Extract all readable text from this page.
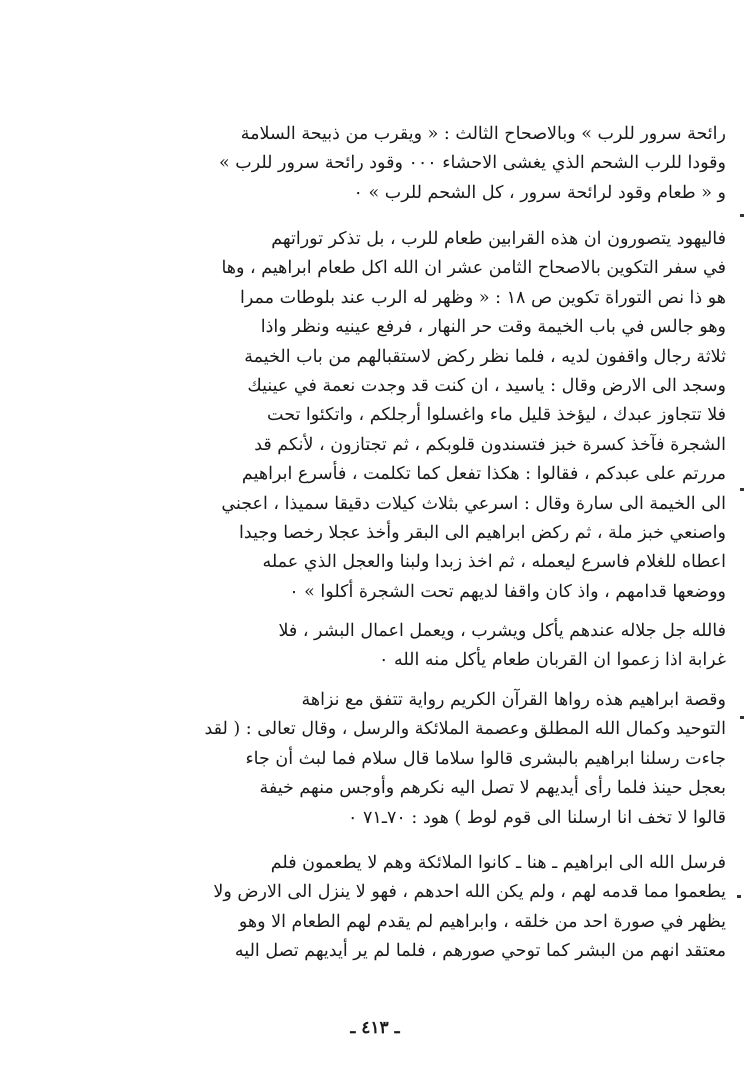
رائحة سرور للرب » وبالاصحاح الثالث : « ويقرب من ذبيحة السلامة
وقودا للرب الشحم الذي يغشى الاحشاء ٠٠٠ وقود رائحة سرور للرب »
و « طعام وقود لرائحة سرور ، كل الشحم للرب » ٠
فاليهود يتصورون ان هذه القرابين طعام للرب ، بل تذكر توراتهم
في سفر التكوين بالاصحاح الثامن عشر ان الله اكل طعام ابراهيم ، وها
هو ذا نص التوراة تكوين ص ١٨ : « وظهر له الرب عند بلوطات ممرا
وهو جالس في باب الخيمة وقت حر النهار ، فرفع عينيه ونظر واذا
ثلاثة رجال واقفون لديه ، فلما نظر ركض لاستقبالهم من باب الخيمة
وسجد الى الارض وقال : ياسيد ، ان كنت قد وجدت نعمة في عينيك
فلا تتجاوز عبدك ، ليؤخذ قليل ماء واغسلوا أرجلكم ، واتكئوا تحت
الشجرة فآخذ كسرة خبز فتسندون قلوبكم ، ثم تجتازون ، لأنكم قد
مررتم على عبدكم ، فقالوا : هكذا تفعل كما تكلمت ، فأسرع ابراهيم
الى الخيمة الى سارة وقال : اسرعي بثلاث كيلات دقيقا سميذا ، اعجني
واصنعي خبز ملة ، ثم ركض ابراهيم الى البقر وأخذ عجلا رخصا وجيدا
اعطاه للغلام فاسرع ليعمله ، ثم اخذ زبدا ولبنا والعجل الذي عمله
ووضعها قدامهم ، واذ كان واقفا لديهم تحت الشجرة أكلوا » ٠
فالله جل جلاله عندهم يأكل ويشرب ، ويعمل اعمال البشر ، فلا
غرابة اذا زعموا ان القربان طعام يأكل منه الله ٠
وقصة ابراهيم هذه رواها القرآن الكريم رواية تتفق مع نزاهة
التوحيد وكمال الله المطلق وعصمة الملائكة والرسل ، وقال تعالى : ( لقد
جاءت رسلنا ابراهيم بالبشرى قالوا سلاما قال سلام فما لبث أن جاء
بعجل حينذ فلما رأى أيديهم لا تصل اليه نكرهم وأوجس منهم خيفة
قالوا لا تخف انا ارسلنا الى قوم لوط ) هود : ٧٠ـ٧١ ٠
فرسل الله الى ابراهيم ـ هنا ـ كانوا الملائكة وهم لا يطعمون فلم
يطعموا مما قدمه لهم ، ولم يكن الله احدهم ، فهو لا ينزل الى الارض ولا
يظهر في صورة احد من خلقه ، وابراهيم لم يقدم لهم الطعام الا وهو
معتقد انهم من البشر كما توحي صورهم ، فلما لم ير أيديهم تصل اليه
ـ ٤١٣ ـ
